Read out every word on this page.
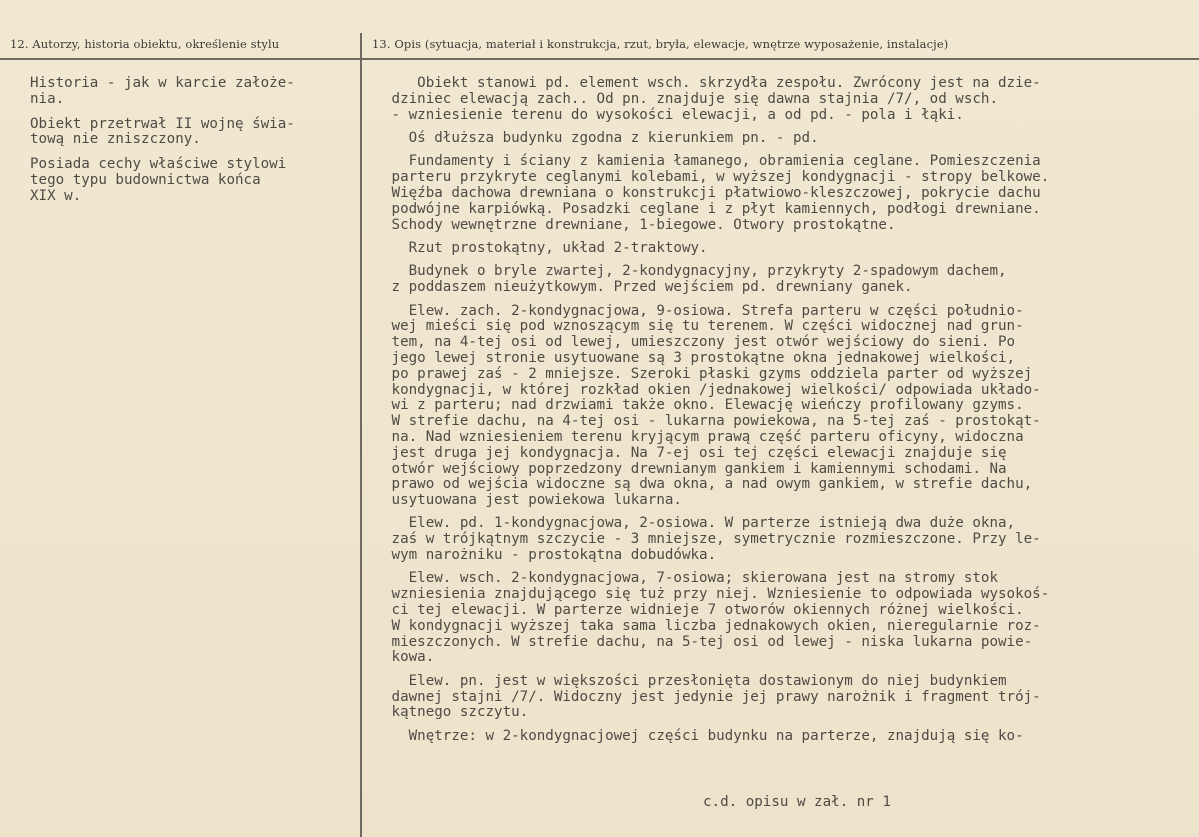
12. Autorzy, historia obiektu, określenie stylu	13. Opis (sytuacja, materiał i konstrukcja, rzut, bryła, elewacje, wnętrze wyposażenie, instalacje)
Historia - jak w karcie założe-
nia.
Obiekt przetrwał II wojnę świa-
tową nie zniszczony.
Posiada cechy właściwe stylowi
tego typu budownictwa końca
XIX w.
Obiekt stanowi pd. element wsch. skrzydła zespołu. Zwrócony jest na dzie-
dziniec elewacją zach.. Od pn. znajduje się dawna stajnia /7/, od wsch.
- wzniesienie terenu do wysokości elewacji, a od pd. - pola i łąki.
Oś dłuższa budynku zgodna z kierunkiem pn. - pd.
Fundamenty i ściany z kamienia łamanego, obramienia ceglane. Pomieszczenia
parteru przykryte ceglanymi kolebami, w wyższej kondygnacji - stropy belkowe.
Więźba dachowa drewniana o konstrukcji płatwiowo-kleszczowej, pokrycie dachu
podwójne karpiówką. Posadzki ceglane i z płyt kamiennych, podłogi drewniane.
Schody wewnętrzne drewniane, 1-biegowe. Otwory prostokątne.
Rzut prostokątny, układ 2-traktowy.
Budynek o bryle zwartej, 2-kondygnacyjny, przykryty 2-spadowym dachem,
z poddaszem nieużytkowym. Przed wejściem pd. drewniany ganek.
Elew. zach. 2-kondygnacjowa, 9-osiowa. Strefa parteru w części południo-
wej mieści się pod wznoszącym się tu terenem. W części widocznej nad grun-
tem, na 4-tej osi od lewej, umieszczony jest otwór wejściowy do sieni. Po
jego lewej stronie usytuowane są 3 prostokątne okna jednakowej wielkości,
po prawej zaś - 2 mniejsze. Szeroki płaski gzyms oddziela parter od wyższej
kondygnacji, w której rozkład okien /jednakowej wielkości/ odpowiada układo-
wi z parteru; nad drzwiami także okno. Elewację wieńczy profilowany gzyms.
W strefie dachu, na 4-tej osi - lukarna powiekowa, na 5-tej zaś - prostokąt-
na. Nad wzniesieniem terenu kryjącym prawą część parteru oficyny, widoczna
jest druga jej kondygnacja. Na 7-ej osi tej części elewacji znajduje się
otwór wejściowy poprzedzony drewnianym gankiem i kamiennymi schodami. Na
prawo od wejścia widoczne są dwa okna, a nad owym gankiem, w strefie dachu,
usytuowana jest powiekowa lukarna.
Elew. pd. 1-kondygnacjowa, 2-osiowa. W parterze istnieją dwa duże okna,
zaś w trójkątnym szczycie - 3 mniejsze, symetrycznie rozmieszczone. Przy le-
wym narożniku - prostokątna dobudówka.
Elew. wsch. 2-kondygnacjowa, 7-osiowa; skierowana jest na stromy stok
wzniesienia znajdującego się tuż przy niej. Wzniesienie to odpowiada wysokoś-
ci tej elewacji. W parterze widnieje 7 otworów okiennych różnej wielkości.
W kondygnacji wyższej taka sama liczba jednakowych okien, nieregularnie roz-
mieszczonych. W strefie dachu, na 5-tej osi od lewej - niska lukarna powie-
kowa.
Elew. pn. jest w większości przesłonięta dostawionym do niej budynkiem
dawnej stajni /7/. Widoczny jest jedynie jej prawy narożnik i fragment trój-
kątnego szczytu.
Wnętrze: w 2-kondygnacjowej części budynku na parterze, znajdują się ko-
c.d. opisu w zał. nr 1
